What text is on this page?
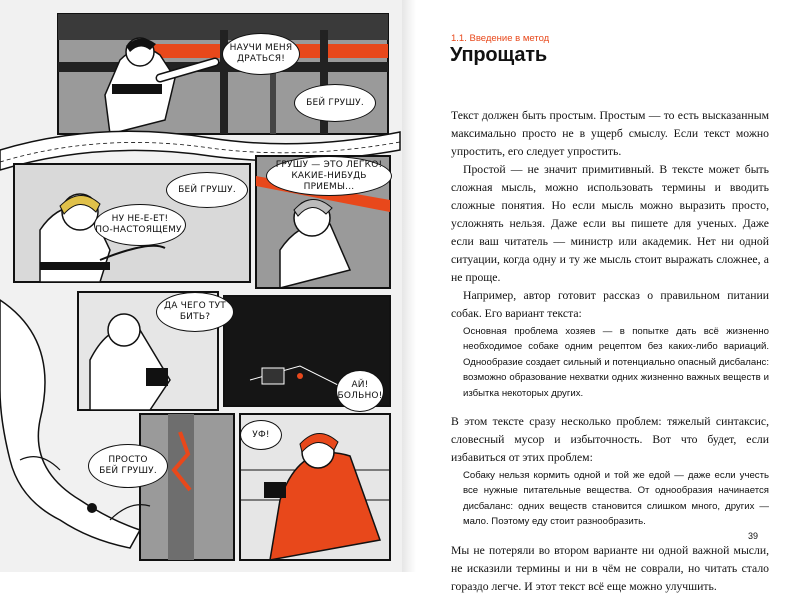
НАУЧИ МЕНЯ
ДРАТЬСЯ!
БЕЙ ГРУШУ.
БЕЙ ГРУШУ.
ГРУШУ — ЭТО ЛЕГКО!
КАКИЕ-НИБУДЬ ПРИЕМЫ...
НУ НЕ-Е-ЕТ!
ПО-НАСТОЯЩЕМУ.
ДА ЧЕГО ТУТ
БИТЬ?
АЙ!
БОЛЬНО!
УФ!
ПРОСТО
БЕЙ ГРУШУ.
1.1. Введение в метод
Упрощать

Текст должен быть простым. Простым — то есть высказанным максимально просто не в ущерб смыслу. Если текст можно упростить, его следует упростить.

Простой — не значит примитивный. В тексте может быть сложная мысль, можно использовать термины и вводить сложные понятия. Но если мысль можно выразить просто, усложнять нельзя. Даже если вы пишете для ученых. Даже если ваш читатель — министр или академик. Нет ни одной ситуации, когда одну и ту же мысль стоит выражать сложнее, а не проще.

Например, автор готовит рассказ о правильном питании собак. Его вариант текста:

Основная проблема хозяев — в попытке дать всё жизненно необходимое собаке одним рецептом без каких-либо вариаций. Однообразие создает сильный и потенциально опасный дисбаланс: возможно образование нехватки одних жизненно важных веществ и избытка некоторых других.

В этом тексте сразу несколько проблем: тяжелый синтаксис, словесный мусор и избыточность. Вот что будет, если избавиться от этих проблем:

Собаку нельзя кормить одной и той же едой — даже если учесть все нужные питательные вещества. От однообразия начинается дисбаланс: одних веществ становится слишком много, других — мало. Поэтому еду стоит разнообразить.

Мы не потеряли во втором варианте ни одной важной мысли, не исказили термины и ни в чём не соврали, но читать стало гораздо легче. И этот текст всё еще можно улучшить.

39
